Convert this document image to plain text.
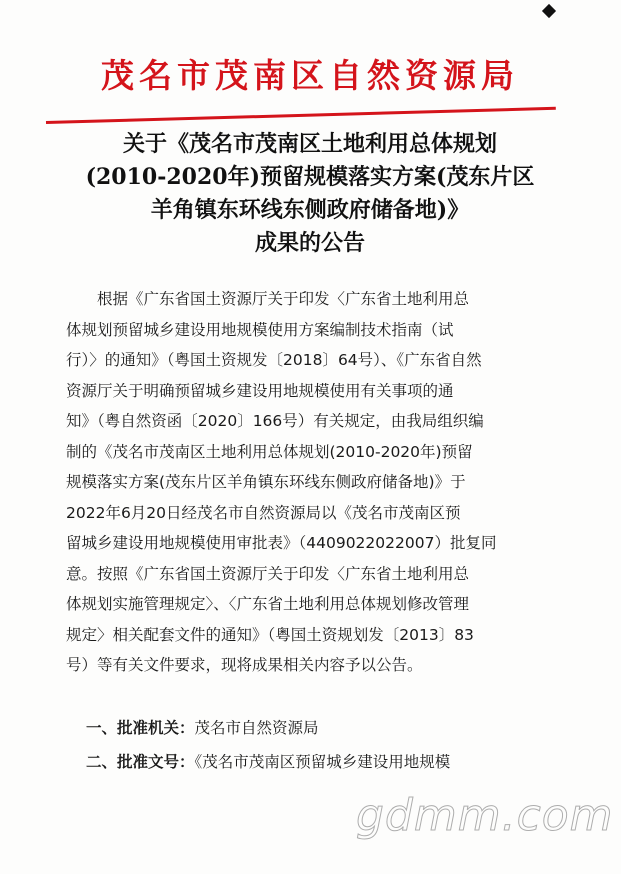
茂名市茂南区自然资源局
关于《茂名市茂南区土地利用总体规划
(2010-2020年)预留规模落实方案(茂东片区
羊角镇东环线东侧政府储备地)》
成果的公告
根据《广东省国土资源厅关于印发〈广东省土地利用总
体规划预留城乡建设用地规模使用方案编制技术指南（试
行）〉的通知》（粤国土资规发〔2018〕64号）、《广东省自然
资源厅关于明确预留城乡建设用地规模使用有关事项的通
知》（粤自然资函〔2020〕166号）有关规定，由我局组织编
制的《茂名市茂南区土地利用总体规划(2010-2020年)预留
规模落实方案(茂东片区羊角镇东环线东侧政府储备地)》于
2022年6月20日经茂名市自然资源局以《茂名市茂南区预
留城乡建设用地规模使用审批表》（4409022022007）批复同
意。按照《广东省国土资源厅关于印发〈广东省土地利用总
体规划实施管理规定〉、〈广东省土地利用总体规划修改管理
规定〉相关配套文件的通知》（粤国土资规划发〔2013〕83
号）等有关文件要求，现将成果相关内容予以公告。
一、批准机关：茂名市自然资源局
二、批准文号：《茂名市茂南区预留城乡建设用地规模
gdmm.com
